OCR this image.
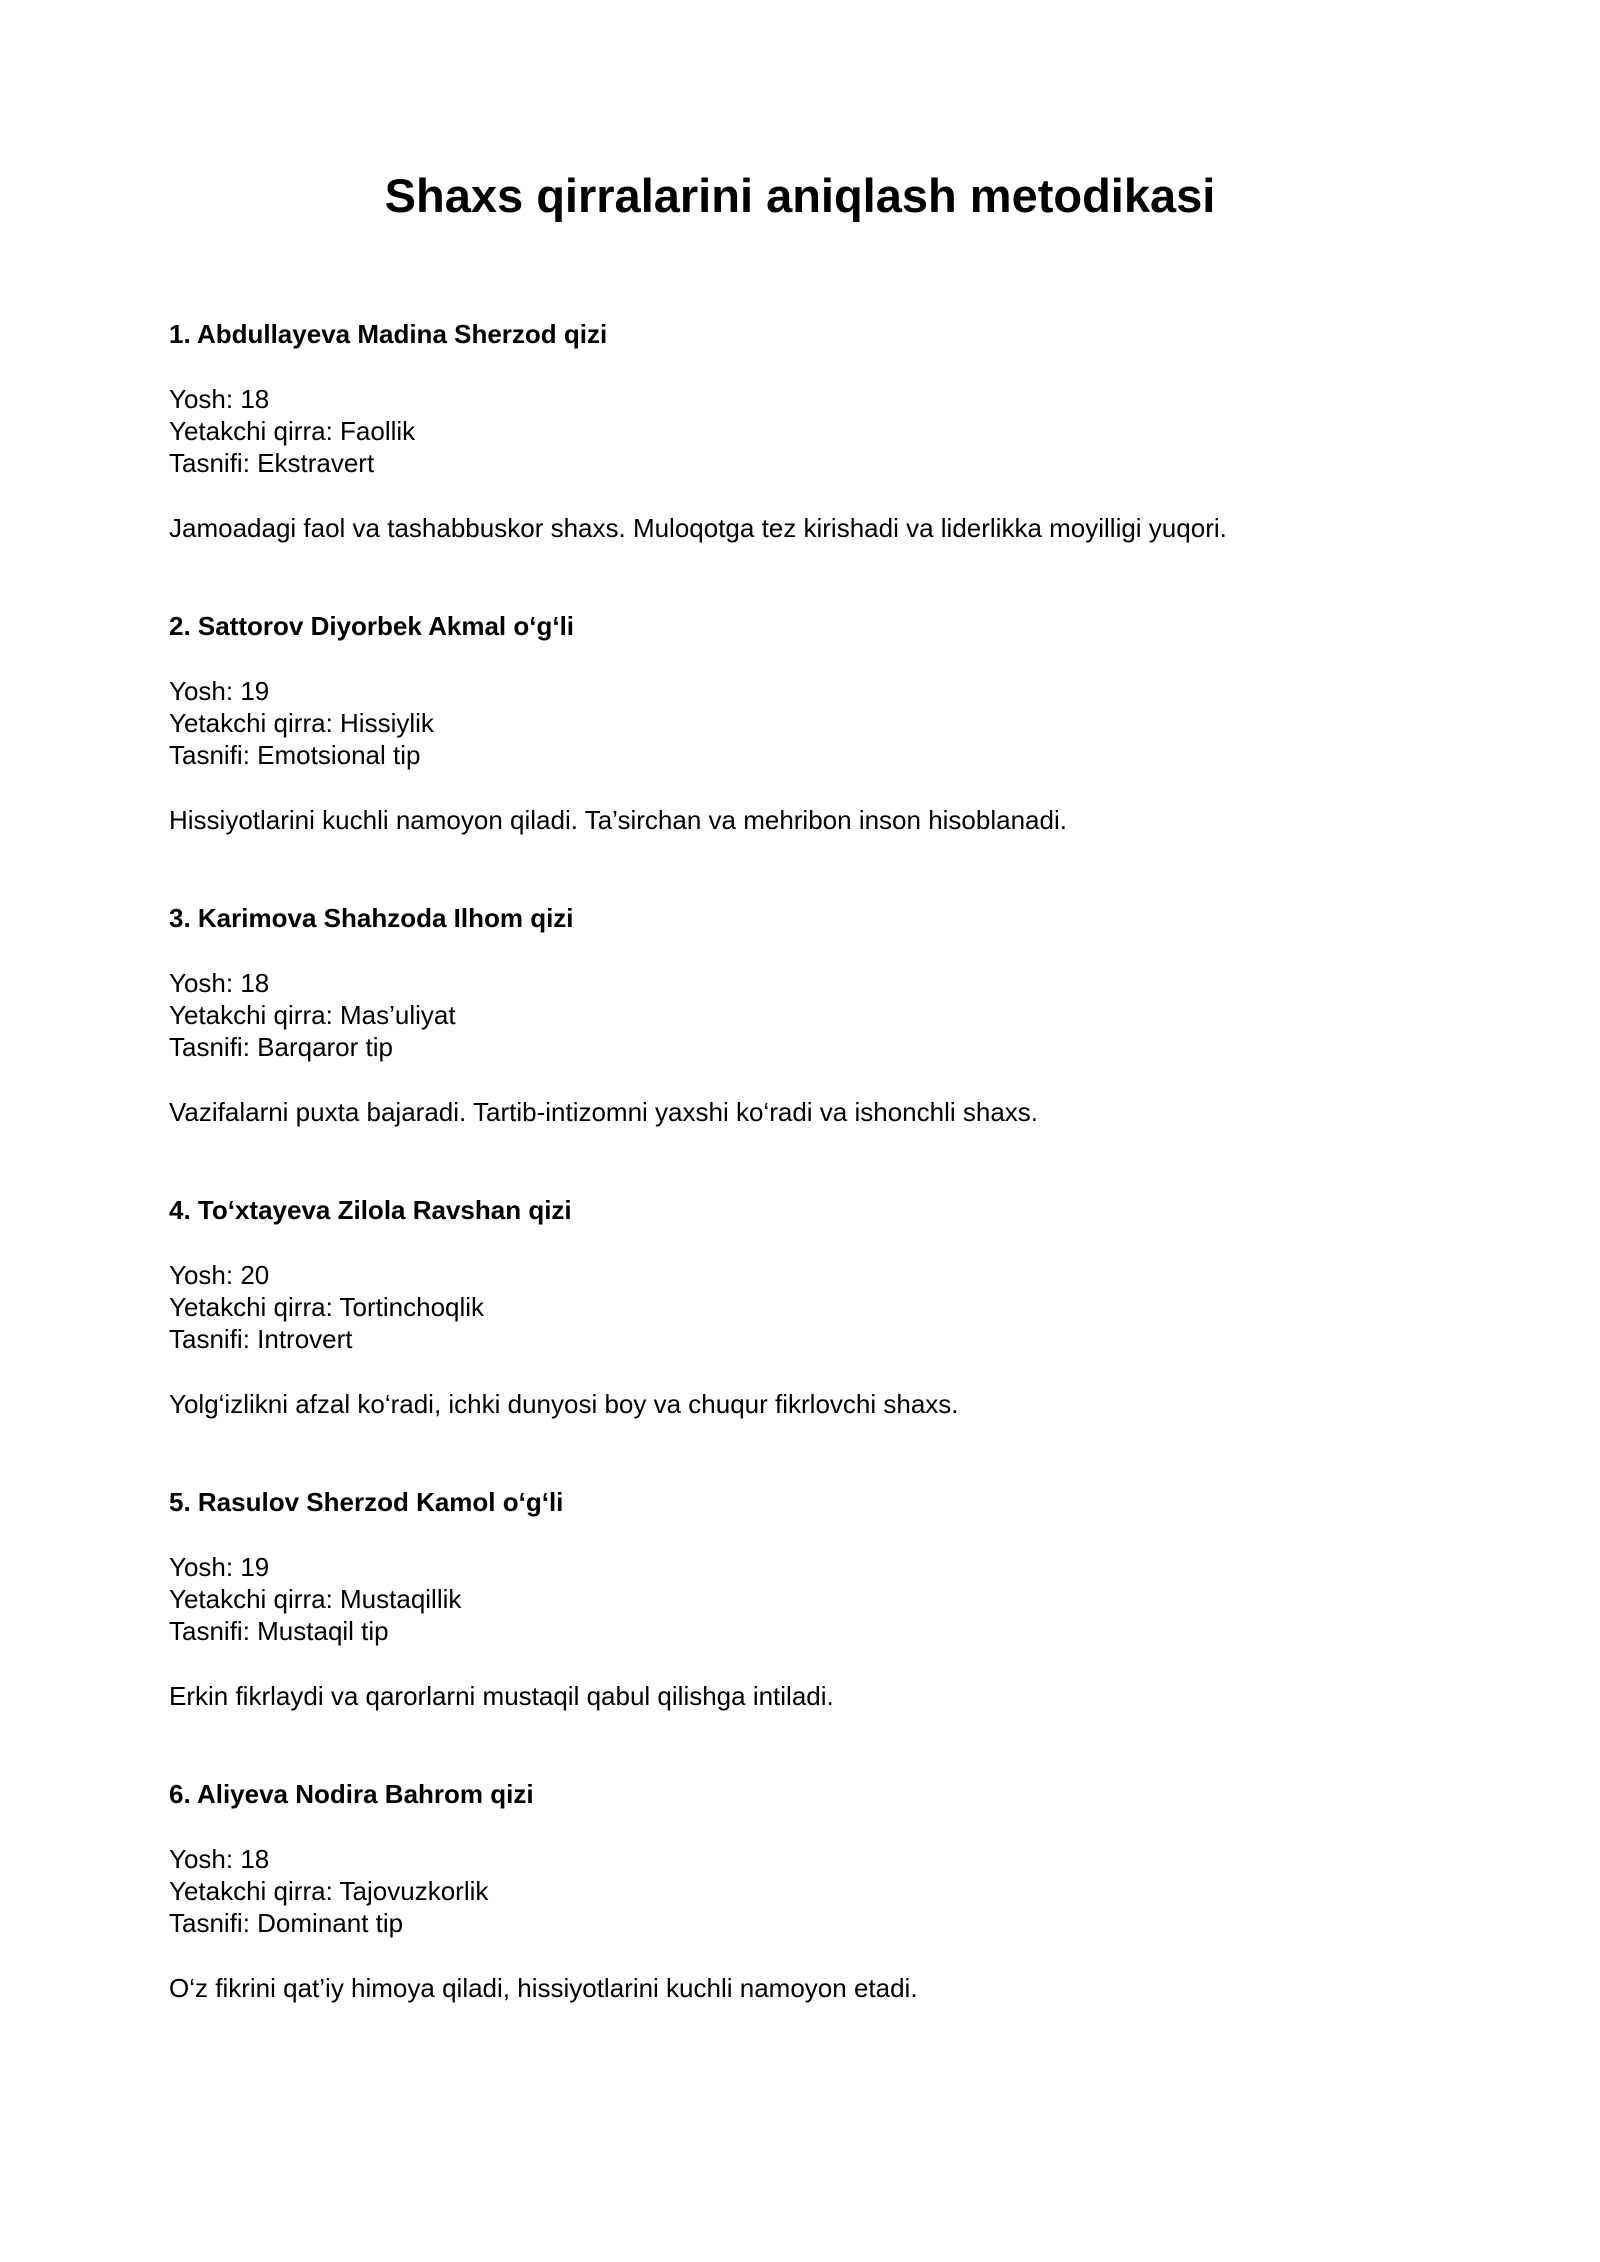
Shaxs qirralarini aniqlash metodikasi
1. Abdullayeva Madina Sherzod qizi
Yosh: 18
Yetakchi qirra: Faollik
Tasnifi: Ekstravert
Jamoadagi faol va tashabbuskor shaxs. Muloqotga tez kirishadi va liderlikka moyilligi yuqori.
2. Sattorov Diyorbek Akmal o‘g‘li
Yosh: 19
Yetakchi qirra: Hissiylik
Tasnifi: Emotsional tip
Hissiyotlarini kuchli namoyon qiladi. Ta’sirchan va mehribon inson hisoblanadi.
3. Karimova Shahzoda Ilhom qizi
Yosh: 18
Yetakchi qirra: Mas’uliyat
Tasnifi: Barqaror tip
Vazifalarni puxta bajaradi. Tartib-intizomni yaxshi ko‘radi va ishonchli shaxs.
4. To‘xtayeva Zilola Ravshan qizi
Yosh: 20
Yetakchi qirra: Tortinchoqlik
Tasnifi: Introvert
Yolg‘izlikni afzal ko‘radi, ichki dunyosi boy va chuqur fikrlovchi shaxs.
5. Rasulov Sherzod Kamol o‘g‘li
Yosh: 19
Yetakchi qirra: Mustaqillik
Tasnifi: Mustaqil tip
Erkin fikrlaydi va qarorlarni mustaqil qabul qilishga intiladi.
6. Aliyeva Nodira Bahrom qizi
Yosh: 18
Yetakchi qirra: Tajovuzkorlik
Tasnifi: Dominant tip
O‘z fikrini qat’iy himoya qiladi, hissiyotlarini kuchli namoyon etadi.
